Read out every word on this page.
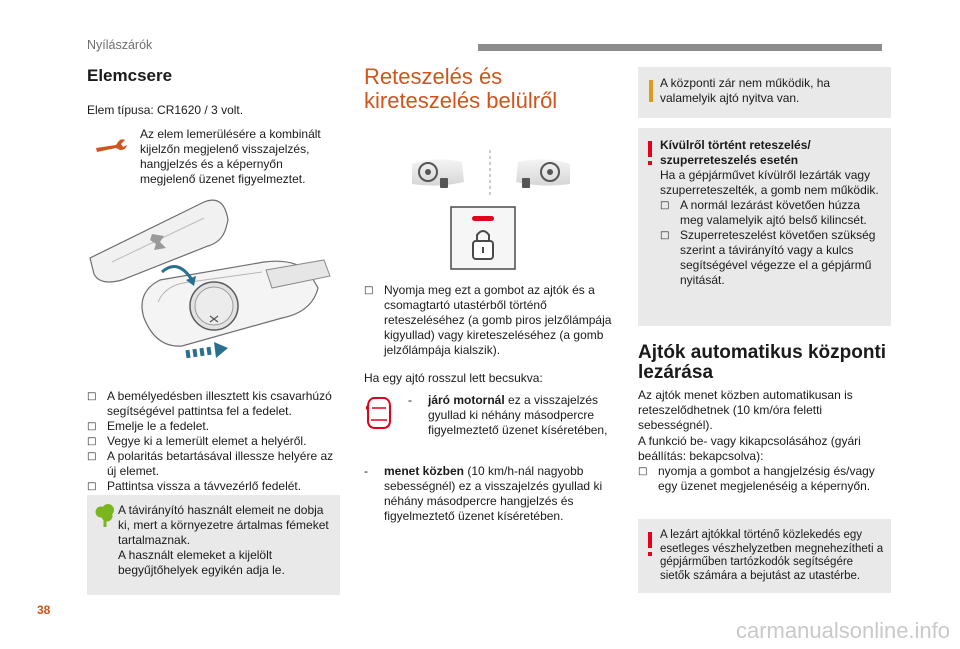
Nyílászárók
Elemcsere
Elem típusa: CR1620 / 3 volt.
Az elem lemerülésére a kombinált kijelzőn megjelenő visszajelzés, hangjelzés és a képernyőn megjelenő üzenet figyelmeztet.
□ A bemélyedésben illesztett kis csavarhúzó segítségével pattintsa fel a fedelet.
□ Emelje le a fedelet.
□ Vegye ki a lemerült elemet a helyéről.
□ A polaritás betartásával illessze helyére az új elemet.
□ Pattintsa vissza a távvezérlő fedelét.
A távirányító használt elemeit ne dobja ki, mert a környezetre ártalmas fémeket tartalmaznak.
A használt elemeket a kijelölt begyűjtőhelyek egyikén adja le.
Reteszelés és
kireteszelés belülről
□ Nyomja meg ezt a gombot az ajtók és a csomagtartó utastérből történő reteszeléséhez (a gomb piros jelzőlámpája kigyullad) vagy kireteszeléséhez (a gomb jelzőlámpája kialszik).
Ha egy ajtó rosszul lett becsukva:
-	járó motornál ez a visszajelzés gyullad ki néhány másodpercre figyelmeztető üzenet kíséretében,
-	menet közben (10 km/h-nál nagyobb sebességnél) ez a visszajelzés gyullad ki néhány másodpercre hangjelzés és figyelmeztető üzenet kíséretében.
A központi zár nem működik, ha valamelyik ajtó nyitva van.
Kívülről történt reteszelés/ szuperreteszelés esetén
Ha a gépjárművet kívülről lezárták vagy szuperreteszelték, a gomb nem működik.
□ A normál lezárást követően húzza meg valamelyik ajtó belső kilincsét.
□ Szuperreteszelést követően szükség szerint a távirányító vagy a kulcs segítségével végezze el a gépjármű nyitását.
Ajtók automatikus központi
lezárása
Az ajtók menet közben automatikusan is reteszelődhetnek (10 km/óra feletti sebességnél).
A funkció be- vagy kikapcsolásához (gyári beállítás: bekapcsolva):
□ nyomja a gombot a hangjelzésig és/vagy egy üzenet megjelenéséig a képernyőn.
A lezárt ajtókkal történő közlekedés egy esetleges vészhelyzetben megnehezítheti a gépjárműben tartózkodók segítségére sietők számára a bejutást az utastérbe.
38
carmanualsonline.info
